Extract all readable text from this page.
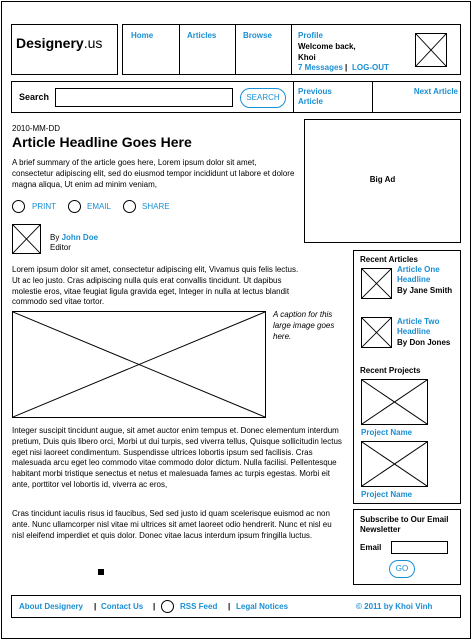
Designery.us	Home	Articles	Browse	Profile
Welcome back,
Khoi
7 Messages | LOG-OUT
Search	SEARCH
Previous Article
Next Article
2010-MM-DD
Article Headline Goes Here
A brief summary of the article goes here, Lorem ipsum dolor sit amet, consectetur adipiscing elit, sed do eiusmod tempor incididunt ut labore et dolore magna aliqua, Ut enim ad minim veniam,
PRINT	EMAIL	SHARE
By John Doe
Editor
Lorem ipsum dolor sit amet, consectetur adipiscing elit, Vivamus quis felis lectus. Ut ac leo justo. Cras adipiscing nulla quis erat convallis tincidunt. Ut dapibus molestie eros, vitae feugiat ligula gravida eget, Integer in nulla at lectus blandit commodo sed vitae tortor.
A caption for this large image goes here.
Integer suscipit tincidunt augue, sit amet auctor enim tempus et. Donec elementum interdum pretium, Duis quis libero orci, Morbi ut dui turpis, sed viverra tellus, Quisque sollicitudin lectus eget nisi laoreet condimentum. Suspendisse ultrices lobortis ipsum sed facilisis. Cras malesuada arcu eget leo commodo vitae commodo dolor dictum. Nulla facilisi. Pellentesque habitant morbi tristique senectus et netus et malesuada fames ac turpis egestas. Morbi eit ante, porttitor vel lobortis id, viverra ac eros,
Cras tincidunt iaculis risus id faucibus, Sed sed justo id quam scelerisque euismod ac non ante. Nunc ullamcorper nisl vitae mi ultrices sit amet laoreet odio hendrerit. Nunc et nisl eu nisl eleifend imperdiet et quis dolor. Donec vitae lacus interdum ipsum fringilla luctus.
Big Ad
Recent Articles
Article One Headline
By Jane Smith
Article Two Headline
By Don Jones
Recent Projects
Project Name
Project Name
Subscribe to Our Email Newsletter
Email
GO
About Designery | Contact Us |	RSS Feed | Legal Notices	© 2011 by Khoi Vinh
